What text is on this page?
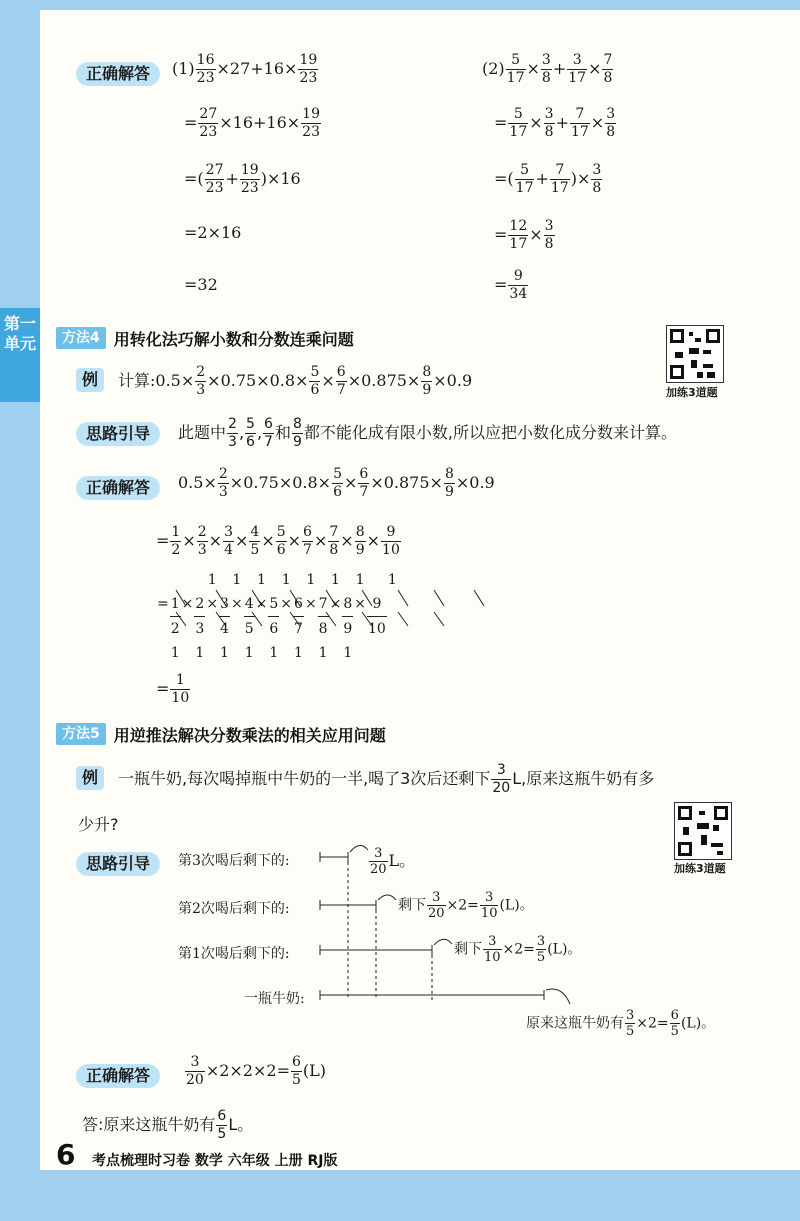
第一单元
正确解答	$(1) \frac{16}{23} \times 27+16\times \frac{19}{23}$
= $\frac{27}{23} \times 16+16\times \frac{19}{23}$
=( $\frac{27}{23} + \frac{19}{23} )\times 16$
=2×16
=32
$(2) \frac{5}{17} \times \frac{3}{8} + \frac{3}{17} \times \frac{7}{8}$
= $\frac{5}{17} \times \frac{3}{8} + \frac{7}{17} \times \frac{3}{8}$
=( $\frac{5}{17} + \frac{7}{17}$ )× $\frac{3}{8}$
= $\frac{12}{17} \times \frac{3}{8}$
= $\frac{9}{34}$
方法4 用转化法巧解小数和分数连乘问题
加练3道题
例	计算:0.5× $\frac{2}{3} \times 0.75\times 0.8\times \frac{5}{6} \times \frac{6}{7} \times 0.875\times \frac{8}{9} \times 0.9$
思路引导	此题中 $\frac{2}{3}$ , $\frac{5}{6}$ , $\frac{6}{7}$ 和 $\frac{8}{9}$ 都不能化成有限小数,所以应把小数化成分数来计算。
正确解答	$0.5\times \frac{2}{3} \times 0.75\times 0.8\times \frac{5}{6} \times \frac{6}{7} \times 0.875\times \frac{8}{9} \times 0.9$
= $\frac{1}{2} \times \frac{2}{3} \times \frac{3}{4} \times \frac{4}{5} \times \frac{5}{6} \times \frac{6}{7} \times \frac{7}{8} \times \frac{8}{9} \times \frac{9}{10}$
				1		1		1		1		1		1		1		1
=	1	×	2	×	3	×	4	×	5	×	6	×	7	×	8	×	9	
	2		3		4		5		6		7		8		9		10	
	1		1		1		1		1		1		1		1			
= $\frac{1}{10}$
方法5 用逆推法解决分数乘法的相关应用问题
例	一瓶牛奶,每次喝掉瓶中牛奶的一半,喝了3次后还剩下 $\frac{3}{20} L$,原来这瓶牛奶有多
少升?
加练3道题
思路引导	第3次喝后剩下的:	$\frac{3}{20}$ L。
第2次喝后剩下的:	剩下 $\frac{3}{20} \times 2= \frac{3}{10} (L)$。
第1次喝后剩下的:	剩下 $\frac{3}{10} \times 2= \frac{3}{5} (L)$。
一瓶牛奶:
原来这瓶牛奶有 $\frac{3}{5} \times 2= \frac{6}{5} (L)$。
正确解答	$\frac{3}{20} \times 2\times 2\times 2= \frac{6}{5} (L)$
答:原来这瓶牛奶有 $\frac{6}{5}$ L。
6 考点梳理时习卷 数学 六年级 上册 RJ版
